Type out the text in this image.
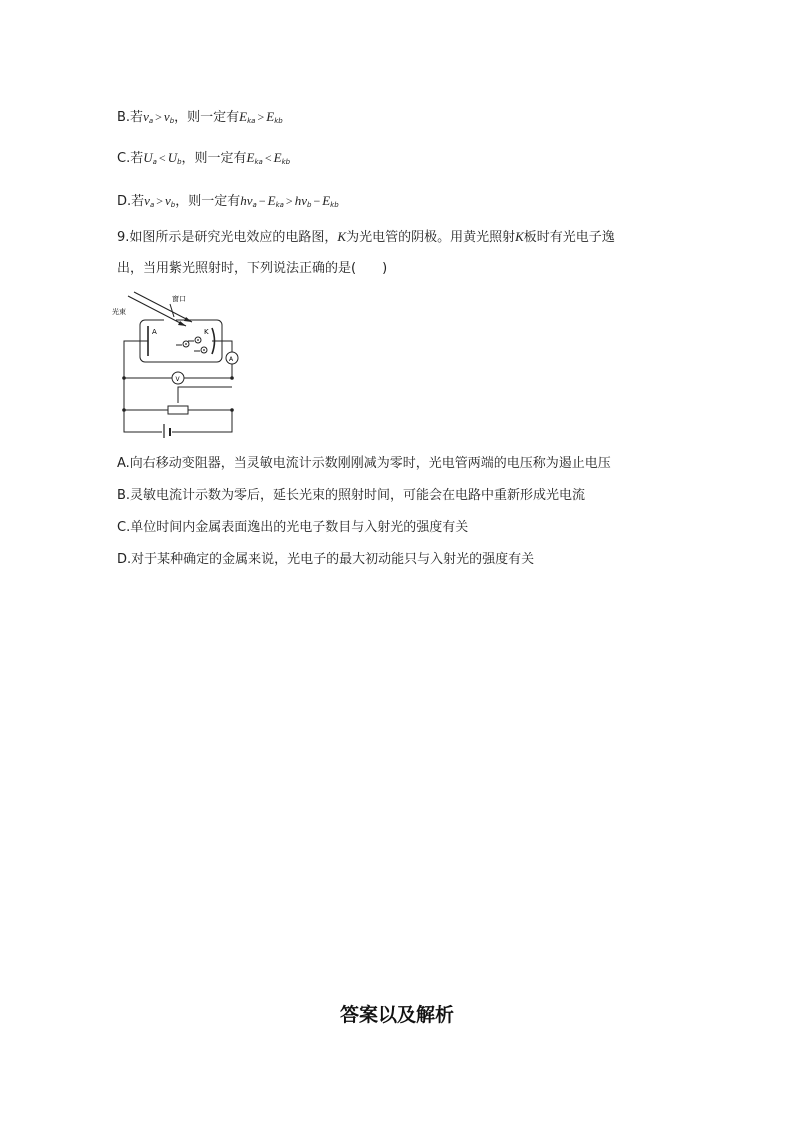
B.若$\nu_a > \nu_b$，则一定有$E_{ka} > E_{kb}$
C.若$U_a < U_b$，则一定有$E_{ka} < E_{kb}$
D.若$\nu_a > \nu_b$，则一定有$h\nu_a - E_{ka} > h\nu_b - E_{kb}$
9.如图所示是研究光电效应的电路图，K为光电管的阴极。用黄光照射K板时有光电子逸
出，当用紫光照射时，下列说法正确的是(　　)
窗口
光束
A	K
A
V
A.向右移动变阻器，当灵敏电流计示数刚刚减为零时，光电管两端的电压称为遏止电压
B.灵敏电流计示数为零后，延长光束的照射时间，可能会在电路中重新形成光电流
C.单位时间内金属表面逸出的光电子数目与入射光的强度有关
D.对于某种确定的金属来说，光电子的最大初动能只与入射光的强度有关
答案以及解析
